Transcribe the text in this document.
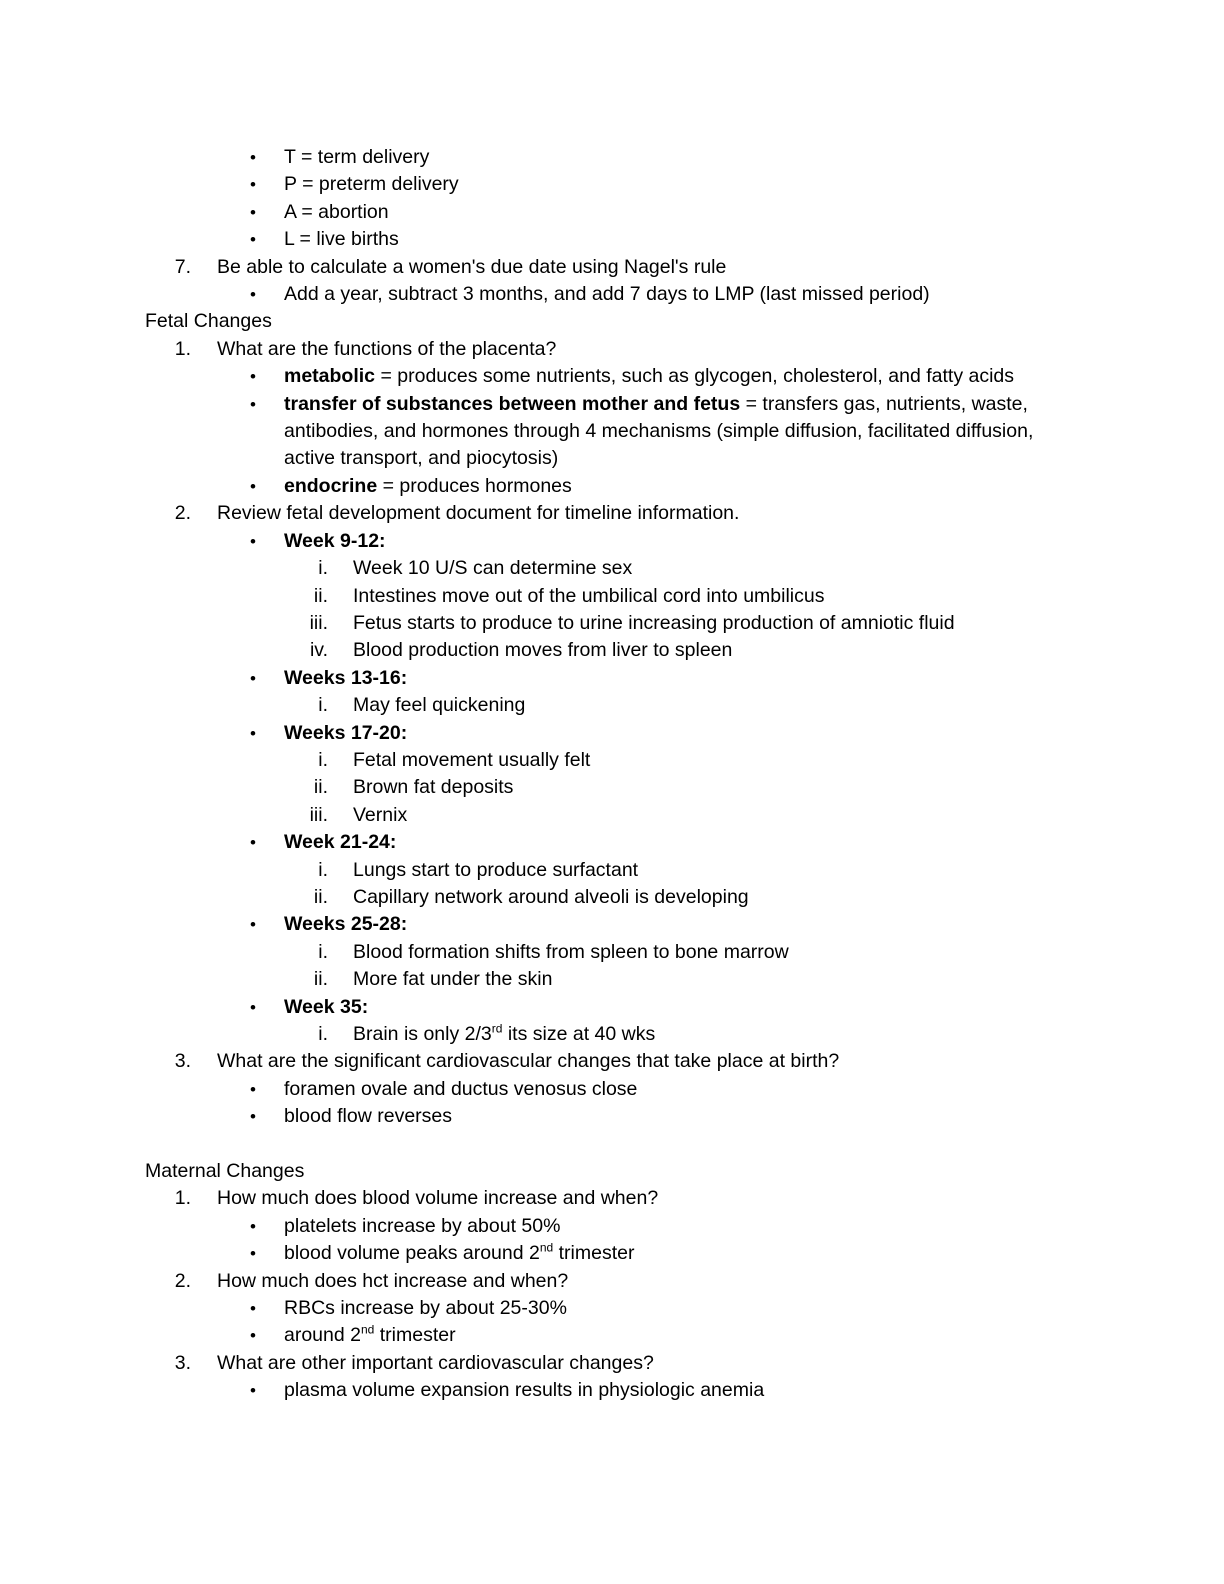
•	T = term delivery
•	P = preterm delivery
•	A = abortion
•	L = live births
7. Be able to calculate a women's due date using Nagel's rule
•	Add a year, subtract 3 months, and add 7 days to LMP (last missed period)
Fetal Changes
1. What are the functions of the placenta?
•	metabolic = produces some nutrients, such as glycogen, cholesterol, and fatty acids
•	transfer of substances between mother and fetus = transfers gas, nutrients, waste, antibodies, and hormones through 4 mechanisms (simple diffusion, facilitated diffusion, active transport, and piocytosis)
•	endocrine = produces hormones
2. Review fetal development document for timeline information.
•	Week 9-12:
i. Week 10 U/S can determine sex
ii. Intestines move out of the umbilical cord into umbilicus
iii. Fetus starts to produce to urine increasing production of amniotic fluid
iv. Blood production moves from liver to spleen
•	Weeks 13-16:
i. May feel quickening
•	Weeks 17-20:
i. Fetal movement usually felt
ii. Brown fat deposits
iii. Vernix
•	Week 21-24:
i. Lungs start to produce surfactant
ii. Capillary network around alveoli is developing
•	Weeks 25-28:
i. Blood formation shifts from spleen to bone marrow
ii. More fat under the skin
•	Week 35:
i. Brain is only 2/3rd its size at 40 wks
3. What are the significant cardiovascular changes that take place at birth?
•	foramen ovale and ductus venosus close
•	blood flow reverses
Maternal Changes
1. How much does blood volume increase and when?
•	platelets increase by about 50%
•	blood volume peaks around 2nd trimester
2. How much does hct increase and when?
•	RBCs increase by about 25-30%
•	around 2nd trimester
3. What are other important cardiovascular changes?
•	plasma volume expansion results in physiologic anemia
